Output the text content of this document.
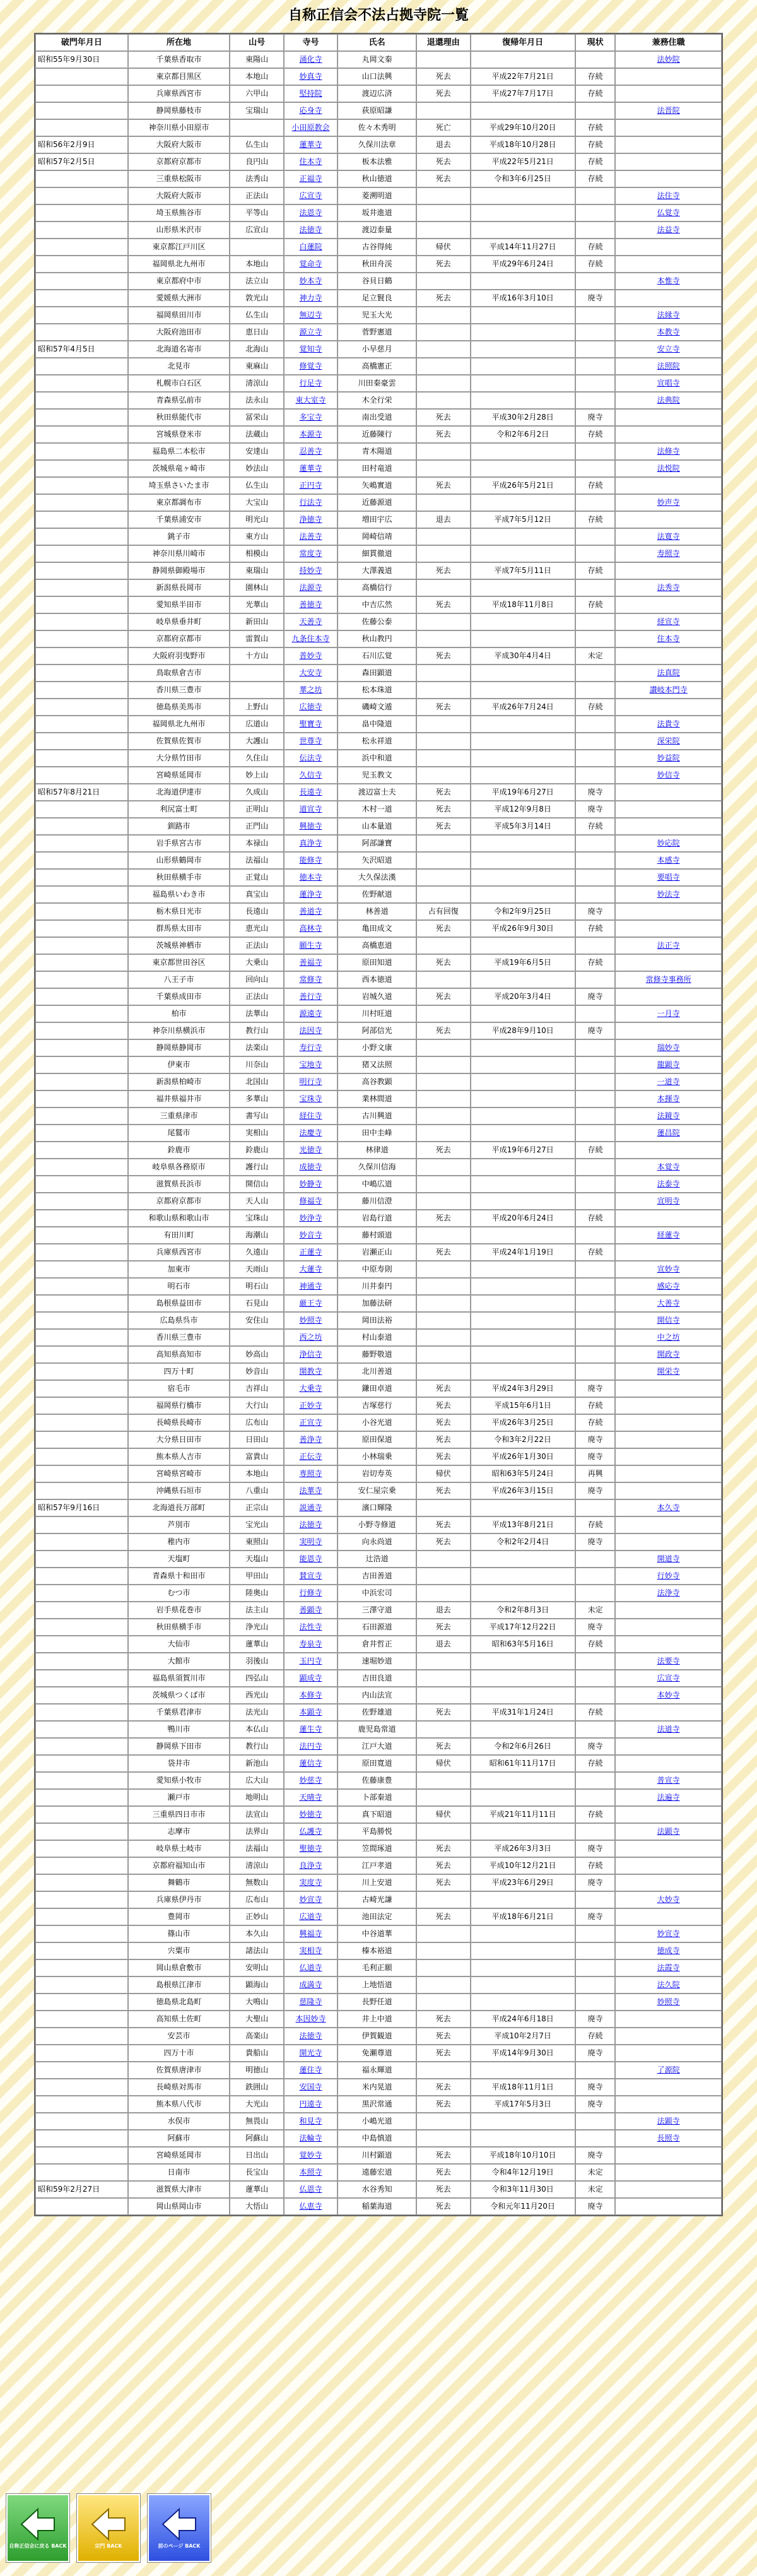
自称正信会不法占拠寺院一覧
破門年月日	所在地	山号	寺号	氏名	退還理由	復帰年月日	現状	兼務住職
昭和55年9月30日	千葉県香取市	東陽山	涌化寺	丸岡文秦				法妙院
	東京都目黒区	本地山	妙真寺	山口法興	死去	平成22年7月21日	存続	
	兵庫県西宮市	六甲山	堅持院	渡辺広済	死去	平成27年7月17日	存続	
	静岡県藤枝市	宝瑞山	応身寺	荻原昭謙				法晋院
	神奈川県小田原市		小田原教会	佐々木秀明	死亡	平成29年10月20日	存続	
昭和56年2月9日	大阪府大阪市	仏生山	蓮華寺	久保川法章	退去	平成18年10月28日	存続	
昭和57年2月5日	京都府京都市	良円山	住本寺	板本法雅	死去	平成22年5月21日	存続	
	三重県松阪市	法秀山	正福寺	秋山徳道	死去	令和3年6月25日	存続	
	大阪府大阪市	正法山	広宣寺	菱溯明道				法住寺
	埼玉県熊谷市	平等山	法恩寺	坂井進道				仏覚寺
	山形県米沢市	広宣山	法徳寺	渡辺泰量				法益寺
	東京都江戸川区		白蓮院	古谷得純	帰伏	平成14年11月27日	存続	
	福岡県北九州市	本地山	覚命寺	秋田舟渓	死去	平成29年6月24日	存続	
	東京都府中市	法立山	妙本寺	谷貝日鶴				本惟寺
	愛媛県大洲市	敦光山	神力寺	足立賢良	死去	平成16年3月10日	廃寺	
	福岡県田川市	仏生山	無辺寺	児玉大光				法縁寺
	大阪府池田市	恵日山	源立寺	菅野憲道				本教寺
昭和57年4月5日	北海道名寄市	北海山	覚知寺	小早慈月				安立寺
	北見市	東麻山	修覚寺	高橋憲正				法照院
	札幌市白石区	清涼山	行足寺	川田秦豪雲				宣唱寺
	青森県弘前市	法永山	東大室寺	木全行栄				法典院
	秋田県能代市	冨栄山	多宝寺	南出受道	死去	平成30年2月28日	廃寺	
	宮城県登米市	法蔵山	本源寺	近藤陳行	死去	令和2年6月2日	存続	
	福島県二本松市	安達山	忍善寺	青木陽道				法修寺
	茨城県竜ヶ崎市	妙法山	蓮華寺	田村竜道				法悦院
	埼玉県さいたま市	仏生山	正円寺	矢嶋實道	死去	平成26年5月21日	存続	
	東京都調布市	大宝山	行法寺	近藤源道				妙声寺
	千葉県浦安市	明光山	浄徳寺	増田宇広	退去	平成7年5月12日	存続	
	銚子市	東方山	法善寺	岡崎信靖				法寛寺
	神奈川県川崎市	相模山	常度寺	細貫徹道				寿照寺
	静岡県御殿場市	東瑞山	持妙寺	大澤義道	死去	平成7年5月11日	存続	
	新潟県長岡市	園林山	法源寺	高橋信行				法秀寺
	愛知県半田市	光華山	善徳寺	中吉広然	死去	平成18年11月8日	存続	
	岐阜県垂井町	新田山	天善寺	佐藤公泰				経宣寺
	京都府京都市	雷賀山	九条住本寺	秋山教円				住本寺
	大阪府羽曳野市	十方山	普妙寺	石川広覚	死去	平成30年4月4日	未定	
	鳥取県倉吉市		大安寺	森田顕道				法真院
	香川県三豊市		華之坊	松本珠道				讃岐本門寺
	徳島県美馬市	上野山	広徳寺	磯崎文遁	死去	平成26年7月24日	存続	
	福岡県北九州市	広道山	聖寶寺	畠中隆道				法貴寺
	佐賀県佐賀市	大護山	世尊寺	松永祥道				深栄院
	大分県竹田市	久住山	伝法寺	浜中和道				妙益院
	宮崎県延岡市	妙上山	久信寺	児玉教文				妙信寺
昭和57年8月21日	北海道伊達市	久成山	長遠寺	渡辺富士夫	死去	平成19年6月27日	廃寺	
	利尻富士町	正明山	道宣寺	木村一道	死去	平成12年9月8日	廃寺	
	釧路市	正門山	興徳寺	山本量道	死去	平成5年3月14日	存続	
	岩手県宮古市	本禄山	真浄寺	阿部謙寶				妙応院
	山形県鶴岡市	法福山	能修寺	矢沢昭道				本感寺
	秋田県横手市	正覚山	徳本寺	大久保法漢				要唱寺
	福島県いわき市	真宝山	蓮浄寺	佐野献道				妙法寺
	栃木県日光市	長遠山	善道寺	林善道	占有回復	令和2年9月25日	廃寺	
	群馬県太田市	恵光山	高林寺	亀田成文	死去	平成26年9月30日	存続	
	茨城県神栖市	正法山	願生寺	高橋恵道				法正寺
	東京都世田谷区	大乗山	善福寺	原田知道	死去	平成19年6月5日	存続	
	八王子市	回向山	常修寺	西本徳道				常修寺事務所
	千葉県成田市	正法山	善行寺	岩城久道	死去	平成20年3月4日	廃寺	
	柏市	法華山	源遠寺	川村旺道				一月寺
	神奈川県横浜市	教行山	法因寺	阿部信光	死去	平成28年9月10日	廃寺	
	静岡県静岡市	法楽山	寿行寺	小野文康				瑞妙寺
	伊東市	川奈山	宝地寺	猪又法照				龍顕寺
	新潟県柏崎市	北国山	明行寺	高谷教顕				一道寺
	福井県福井市	多華山	宝珠寺	業林間道				本揮寺
	三重県津市	書写山	経住寺	古川興道				法鏡寺
	尾鷲市	実相山	法慶寺	田中圭峰				蓮昌院
	鈴鹿市	鈴鹿山	光徳寺	林律道	死去	平成19年6月27日	存続	
	岐阜県各務原市	護行山	成徳寺	久保川信海				本覚寺
	滋賀県長浜市	開信山	妙静寺	中嶋広道				法泰寺
	京都府京都市	天人山	修福寺	藤川信澄				宣明寺
	和歌山県和歌山市	宝珠山	妙浄寺	岩島行道	死去	平成20年6月24日	存続	
	有田川町	海潮山	妙音寺	藤村頭道				経蓮寺
	兵庫県西宮市	久遠山	正蓮寺	岩瀬正山	死去	平成24年1月19日	存続	
	加東市	天雨山	大蓮寺	中原寿則				宣妙寺
	明石市	明石山	神通寺	川井泰円				感応寺
	島根県益田市	石見山	厳王寺	加藤法研				大善寺
	広島県呉市	安住山	妙照寺	岡田法裕				開信寺
	香川県三豊市		西之坊	村山泰道				中之坊
	高知県高知市	妙高山	浄信寺	藤野敬道				開政寺
	四万十町	妙音山	開教寺	北川善道				開栄寺
	宿毛市	吉祥山	大乗寺	鎌田卓道	死去	平成24年3月29日	廃寺	
	福岡県行橋市	大行山	正妙寺	吉塚慈行	死去	平成15年6月1日	存続	
	長崎県長崎市	広布山	正宣寺	小谷光道	死去	平成26年3月25日	存続	
	大分県日田市	日田山	善浄寺	原田保道	死去	令和3年2月22日	廃寺	
	熊本県人吉市	富貴山	正伝寺	小林瑞乗	死去	平成26年1月30日	廃寺	
	宮崎県宮崎市	本地山	専照寺	岩切寿英	帰伏	昭和63年5月24日	再興	
	沖縄県石垣市	八重山	法華寺	安仁屋宗乗	死去	平成26年3月15日	廃寺	
昭和57年9月16日	北海道長万部町	正宗山	説通寺	濱口輝隆				本久寺
	芦別市	宝光山	法徳寺	小野寺修道	死去	平成13年8月21日	存続	
	稚内市	東照山	実明寺	向永尚道	死去	令和2年2月4日	廃寺	
	天塩町	天塩山	能恩寺	辻浩道				開道寺
	青森県十和田市	甲田山	賛宣寺	吉田善道				行妙寺
	むつ市	陸奥山	行修寺	中浜宏司				法浄寺
	岩手県花巻市	法主山	善顕寺	三澤守道	退去	令和2年8月3日	未定	
	秋田県横手市	浄光山	法性寺	石田源道	死去	平成17年12月22日	廃寺	
	大仙市	蓮華山	寿泉寺	倉井哲正	退去	昭和63年5月16日	存続	
	大館市	羽後山	玉円寺	速堀妙道				法要寺
	福島県須賀川市	四弘山	顕成寺	吉田良道				広宣寺
	茨城県つくば市	西光山	本修寺	内山法宣				本妙寺
	千葉県君津市	法光山	本顕寺	佐野雄道	死去	平成31年1月24日	存続	
	鴨川市	本仏山	蓮生寺	鹿児島常道				法道寺
	静岡県下田市	教行山	法円寺	江戸大道	死去	令和2年6月26日	廃寺	
	袋井市	新池山	蓮信寺	原田寬道	帰伏	昭和61年11月17日	存続	
	愛知県小牧市	広大山	妙慈寺	佐藤康豊				普宣寺
	瀬戸市	地明山	天晴寺	卜部秦道				法遍寺
	三重県四日市市	法宣山	妙徳寺	真下昭道	帰伏	平成21年11月11日	存続	
	志摩市	法界山	仏護寺	平島勝悦				法顕寺
	岐阜県土岐市	法福山	聖徳寺	笠間琢道	死去	平成26年3月3日	廃寺	
	京都府福知山市	清涼山	良浄寺	江戸孝道	死去	平成10年12月21日	存続	
	舞鶴市	無数山	実度寺	川上安道	死去	平成23年6月29日	廃寺	
	兵庫県伊丹市	広布山	妙宣寺	古崎光謙				大妙寺
	豊岡市	正妙山	広道寺	池田法定	死去	平成18年6月21日	廃寺	
	篠山市	本久山	興福寺	中谷道華				妙宣寺
	宍粟市	諸法山	実相寺	榛本裕道				徳成寺
	岡山県倉敷市	安明山	仏道寺	毛利正願				法霞寺
	島根県江津市	顕海山	成満寺	上地悟道				法久院
	徳島県北島町	大鳴山	慈隆寺	長野任道				妙照寺
	高知県土佐町	大聖山	本因妙寺	井上中道	死去	平成24年6月18日	廃寺	
	安芸市	高楽山	法徳寺	伊賀観道	死去	平成10年2月7日	存続	
	四万十市	貴船山	開光寺	免瀬尊道	死去	平成14年9月30日	廃寺	
	佐賀県唐津市	明徳山	蓮住寺	福永輝道				了源院
	長崎県対馬市	鉄囲山	安国寺	米内晃道	死去	平成18年11月1日	廃寺	
	熊本県八代市	大光山	円遠寺	黒沢常通	死去	平成17年5月3日	廃寺	
	水俣市	無畏山	和見寺	小嶋光道				法顕寺
	阿蘇市	阿蘇山	法輪寺	中島慎道				長照寺
	宮崎県延岡市	日出山	覚妙寺	川村顕道	死去	平成18年10月10日	廃寺	
	日南市	長宝山	本照寺	遠藤宏道	死去	令和4年12月19日	未定	
昭和59年2月27日	滋賀県大津市	蓮華山	仏恩寺	水谷秀知	死去	令和3年11月30日	未定	
	岡山県岡山市	大悟山	仏恵寺	稲葉海道	死去	令和元年11月20日	廃寺	
自称正信会に戻る BACK	宗門 BACK	前のページ BACK
